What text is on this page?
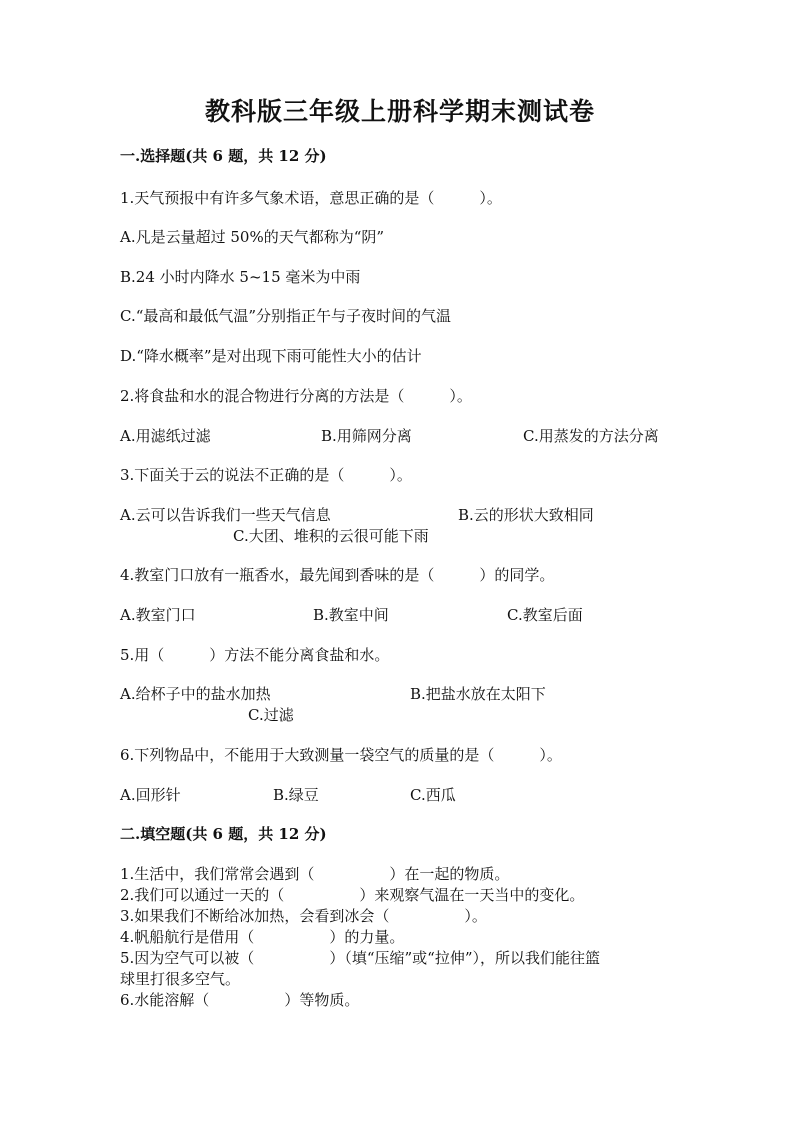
教科版三年级上册科学期末测试卷
一.选择题(共 6 题，共 12 分)
1.天气预报中有许多气象术语，意思正确的是（　　　）。
A.凡是云量超过 50%的天气都称为“阴”
B.24 小时内降水 5~15 毫米为中雨
C.“最高和最低气温”分别指正午与子夜时间的气温
D.“降水概率”是对出现下雨可能性大小的估计
2.将食盐和水的混合物进行分离的方法是（　　　）。
A.用滤纸过滤	B.用筛网分离	C.用蒸发的方法分离
3.下面关于云的说法不正确的是（　　　）。
A.云可以告诉我们一些天气信息	B.云的形状大致相同
C.大团、堆积的云很可能下雨
4.教室门口放有一瓶香水，最先闻到香味的是（　　　）的同学。
A.教室门口	B.教室中间	C.教室后面
5.用（　　　）方法不能分离食盐和水。
A.给杯子中的盐水加热	B.把盐水放在太阳下
C.过滤
6.下列物品中，不能用于大致测量一袋空气的质量的是（　　　）。
A.回形针	B.绿豆	C.西瓜
二.填空题(共 6 题，共 12 分)
1.生活中，我们常常会遇到（　　　　　）在一起的物质。
2.我们可以通过一天的（　　　　　）来观察气温在一天当中的变化。
3.如果我们不断给冰加热，会看到冰会（　　　　　）。
4.帆船航行是借用（　　　　　）的力量。
5.因为空气可以被（　　　　　）（填“压缩”或“拉伸”），所以我们能往篮
球里打很多空气。
6.水能溶解（　　　　　）等物质。
